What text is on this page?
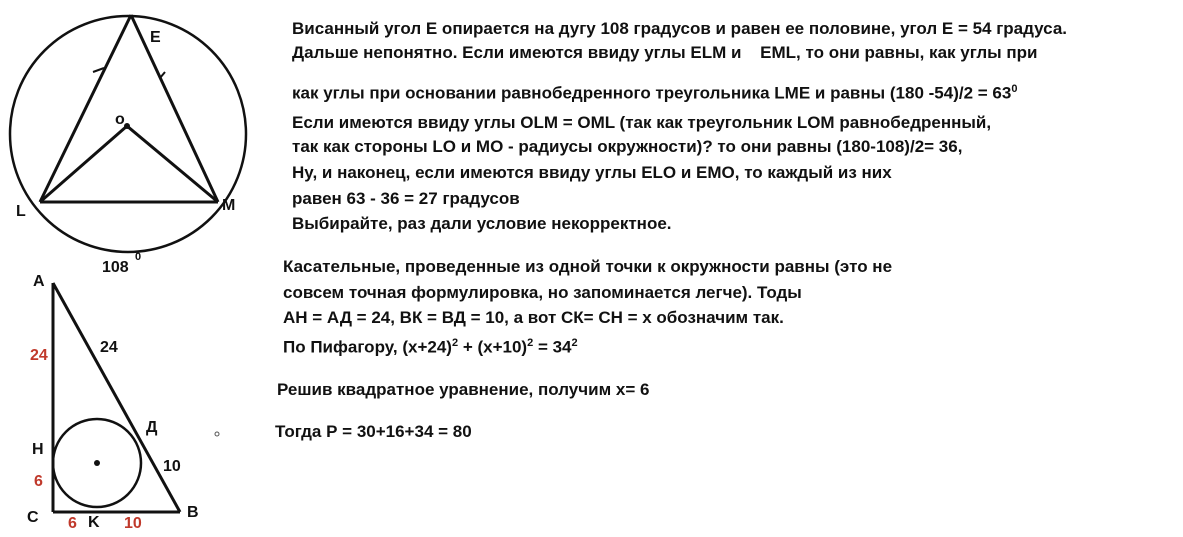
E
o
L	M
108
0
A
H
C	K
B
Д
24	24
6
6	10
10
Висанный угол E опирается на дугу 108 градусов и равен ее половине, угол E = 54 градуса.
Дальше непонятно. Если имеются ввиду углы ELM и EML, то они равны, как углы при
как углы при основании равнобедренного треугольника LME и равны (180 $-54)/2 = 63^0$
Если имеются ввиду углы OLM = OML (так как треугольник LOM равнобедренный,
так как стороны LO и MO - радиусы окружности)? то они равны (180-108)/2= 36,
Ну, и наконец, если имеются ввиду углы ELO и EMO, то каждый из них
равен 63 - 36 = 27 градусов
Выбирайте, раз дали условие некорректное.
Касательные, проведенные из одной точки к окружности равны (это не
совсем точная формулировка, но запоминается легче). Тоды
АН = АД = 24, ВК = ВД = 10, а вот СК= СН = х обозначим так.
По Пифагору, $(х+24)^2 + (х+10)^2 = 34^2$
Решив квадратное уравнение, получим х= 6
Тогда Р = 30+16+34 = 80
